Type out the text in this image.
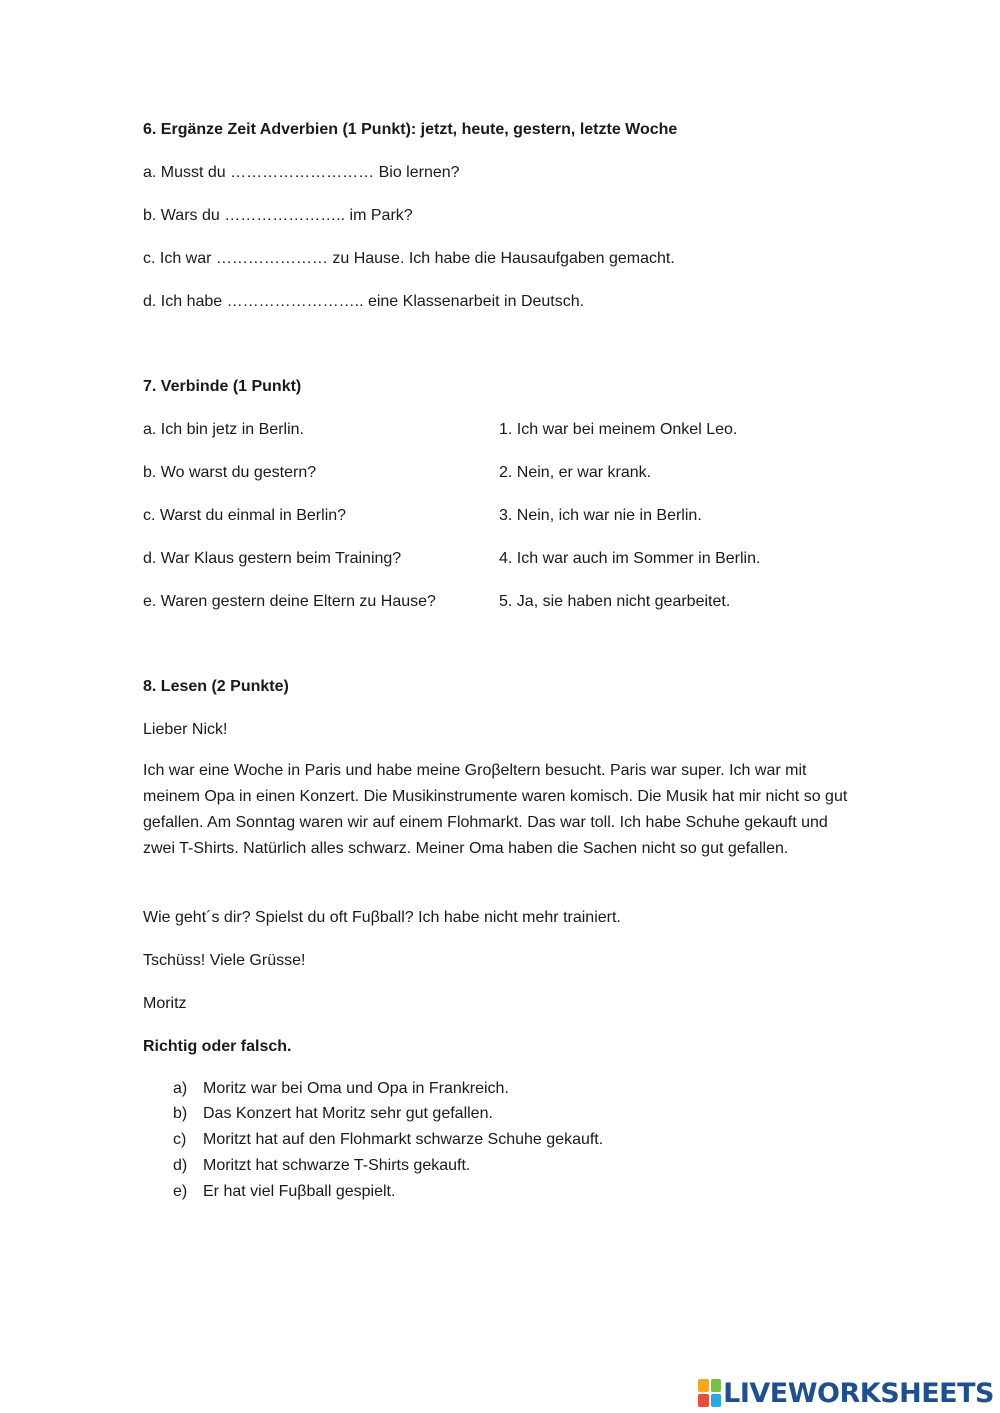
6. Ergänze Zeit Adverbien (1 Punkt): jetzt, heute, gestern, letzte Woche
a. Musst du ……………………… Bio lernen?
b. Wars du ………………….. im Park?
c. Ich war ………………… zu Hause. Ich habe die Hausaufgaben gemacht.
d. Ich habe …………………….. eine Klassenarbeit in Deutsch.
7. Verbinde (1 Punkt)
a. Ich bin jetz in Berlin.	1. Ich war bei meinem Onkel Leo.
b. Wo warst du gestern?	2. Nein, er war krank.
c. Warst du einmal in Berlin?	3. Nein, ich war nie in Berlin.
d. War Klaus gestern beim Training?	4. Ich war auch im Sommer in Berlin.
e. Waren gestern deine Eltern zu Hause?	5. Ja, sie haben nicht gearbeitet.
8. Lesen (2 Punkte)
Lieber Nick!

Ich war eine Woche in Paris und habe meine Groβeltern besucht. Paris war super. Ich war mit meinem Opa in einen Konzert. Die Musikinstrumente waren komisch. Die Musik hat mir nicht so gut gefallen. Am Sonntag waren wir auf einem Flohmarkt. Das war toll. Ich habe Schuhe gekauft und zwei T-Shirts. Natürlich alles schwarz. Meiner Oma haben die Sachen nicht so gut gefallen.

Wie geht´s dir? Spielst du oft Fuβball? Ich habe nicht mehr trainiert.
Tschüss! Viele Grüsse!
Moritz
Richtig oder falsch.
a) Moritz war bei Oma und Opa in Frankreich.
b) Das Konzert hat Moritz sehr gut gefallen.
c) Moritzt hat auf den Flohmarkt schwarze Schuhe gekauft.
d) Moritzt hat schwarze T-Shirts gekauft.
e) Er hat viel Fuβball gespielt.
LIVEWORKSHEETS
